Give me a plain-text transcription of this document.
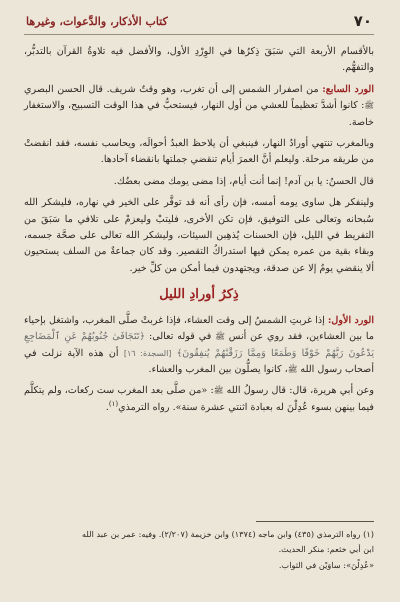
٧٠
كتاب الأذكار، والدَّعوات، وغيرها

بالأقسام الأربعة التي سَبَقَ ذِكرُها في الوِرْدِ الأول، والأفضل فيه تلاوةُ القرآن بالتدبُّر، والتفهُّم.

الورد السابع: من اصفرار الشمس إلى أن تغرب، وهو وقتٌ شريف. قال الحسن البصري ﷺ: كانوا أشدَّ تعظيماً للعشي من أول النهار، فيستحبُّ في هذا الوقت التسبيح، والاستغفار خاصة.

وبالمغرب تنتهي أورادُ النهار، فينبغي أن يلاحظ العبدُ أحوالَه، ويحاسب نفسه، فقد انقضتْ من طريقه مرحلة. وليعلم أنَّ العمرَ أيام تنقضي جملتها بانقضاء آحادها.

قال الحسنُ: يا بن آدم! إنما أنت أيام، إذا مضى يومك مضى بعضُك.

ولينفكر هل ساوى يومه أمسه، فإن رأى أنه قد توفَّر على الخير في نهاره، فليشكر الله سُبحانه وتعالى على التوفيق، فإن تكن الأخرى، فليتبْ وليعزمْ على تلافي ما سَبَقَ من التفريط في الليل، فإن الحسنات يُذهِبن السيئات، وليشكر الله تعالى على صحَّة جسمه، وبقاء بقية من عمره يمكن فيها استدراكُ التقصير. وقد كان جماعةٌ من السلف يستحيون ألا ينقضي يومٌ إلا عن صدقة، ويجتهدون فيما أمكن من كلِّ خير.

ذِكرُ أورادِ الليل

الورد الأول: إذا غربتِ الشمسُ إلى وقت العشاء، فإذا غربتْ صلَّى المغرب، واشتغل بإحياء ما بين العشاءين، فقد روي عن أنس ﷺ في قوله تعالى: ﴿تَتَجَافَىٰ جُنُوبُهُمْ عَنِ ٱلْمَضَاجِعِ يَدْعُونَ رَبَّهُمْ خَوْفًا وَطَمَعًا وَمِمَّا رَزَقْنَٰهُمْ يُنفِقُونَ﴾ [السجدة: ١٦] أن هذه الآية نزلت في أصحاب رسول الله ﷺ، كانوا يصلُّون بين المغرب والعشاء.

وعن أبي هريرة، قال: قال رسولُ الله ﷺ: «من صلَّى بعد المغرب ست ركعات، ولم يتكلَّم فيما بينهن بسوء عُدِلْنَ له بعبادة اثنتي عشرة سنة». رواه الترمذي$^{(١)}$.

(١) رواه الترمذي (٤٣٥) وابن ماجه (١٣٧٤) وابن خزيمة (٢/٢٠٧). وفيه: عمر بن عبد الله

ابن أبي خثعم: منكر الحديث.

«عُدِلْنَ»: ساوَيْن في الثواب.
